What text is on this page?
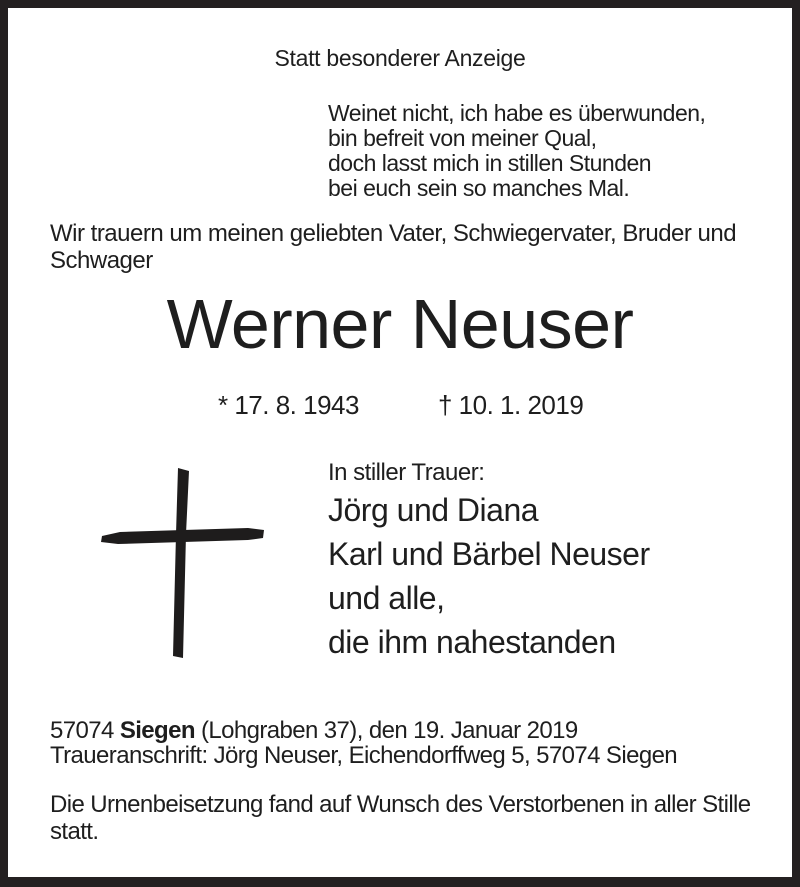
Statt besonderer Anzeige
Weinet nicht, ich habe es überwunden,
bin befreit von meiner Qual,
doch lasst mich in stillen Stunden
bei euch sein so manches Mal.
Wir trauern um meinen geliebten Vater, Schwiegervater, Bruder und Schwager
Werner Neuser
* 17. 8. 1943	† 10. 1. 2019
In stiller Trauer:
Jörg und Diana
Karl und Bärbel Neuser
und alle,
die ihm nahestanden
57074 Siegen (Lohgraben 37), den 19. Januar 2019
Traueranschrift: Jörg Neuser, Eichendorffweg 5, 57074 Siegen
Die Urnenbeisetzung fand auf Wunsch des Verstorbenen in aller Stille statt.
